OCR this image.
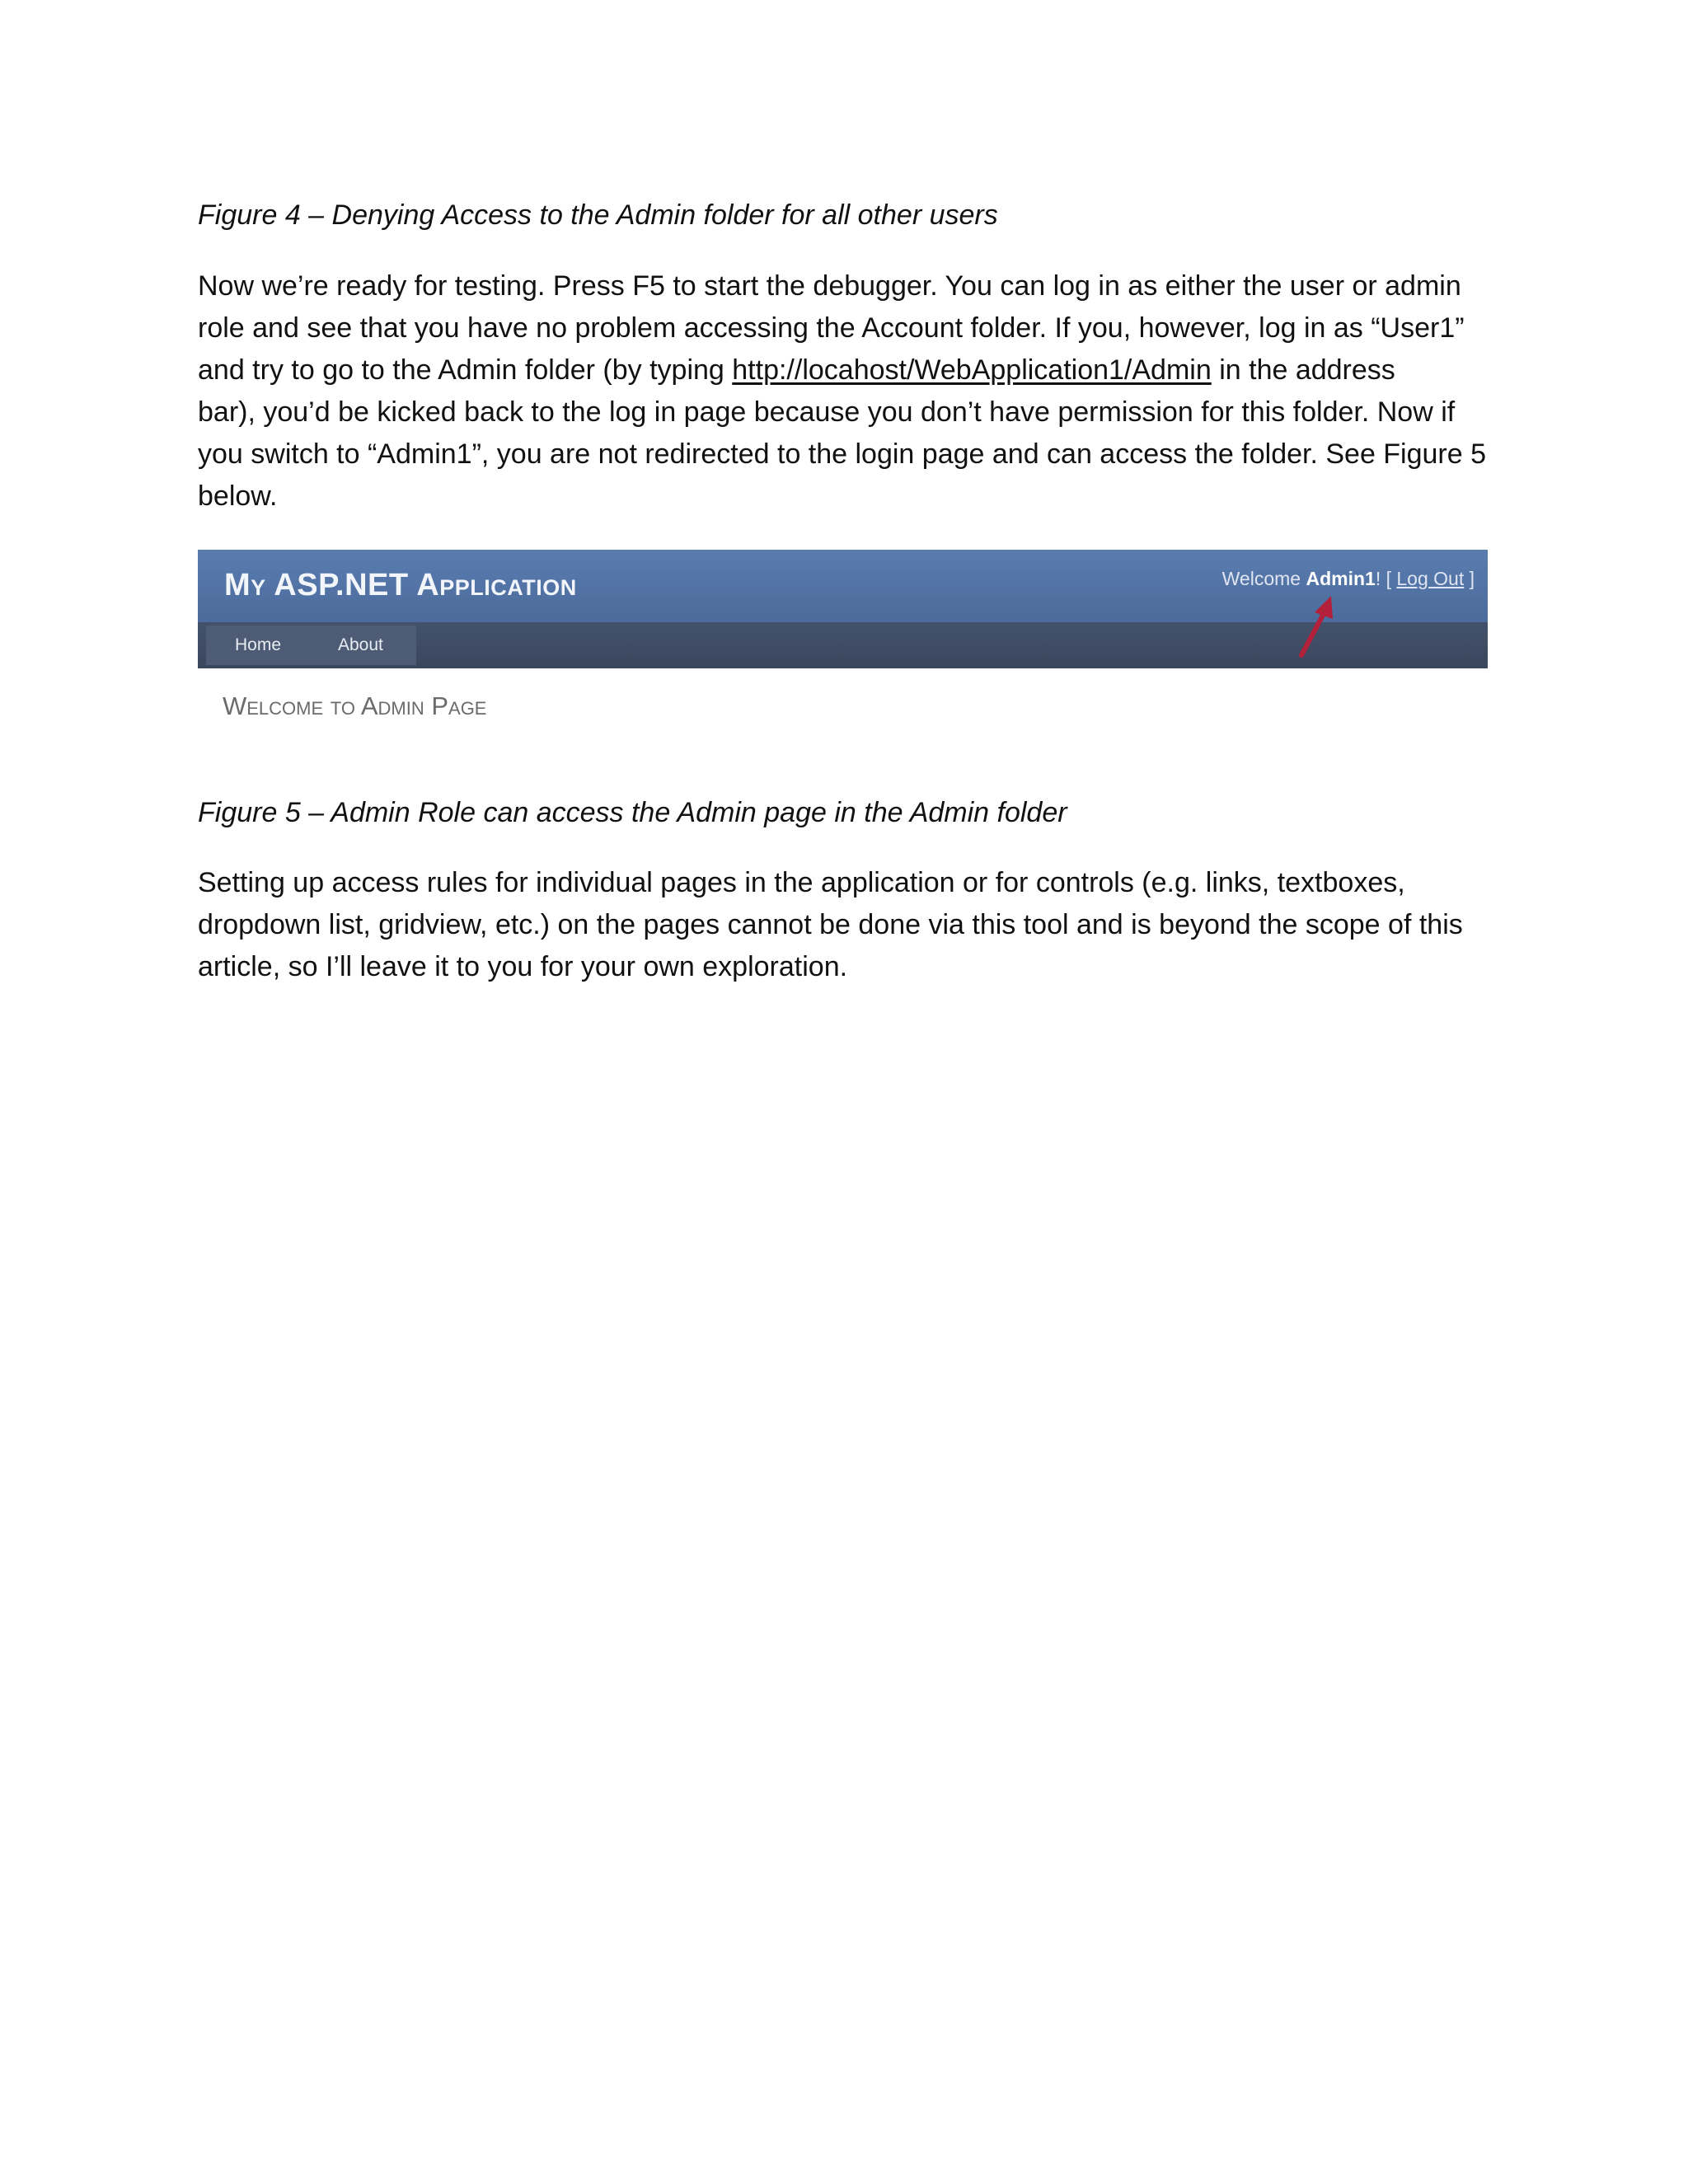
Figure 4 – Denying Access to the Admin folder for all other users
Now we’re ready for testing. Press F5 to start the debugger. You can log in as either the user or admin
role and see that you have no problem accessing the Account folder. If you, however, log in as “User1”
and try to go to the Admin folder (by typing http://locahost/WebApplication1/Admin in the address
bar), you’d be kicked back to the log in page because you don’t have permission for this folder. Now if
you switch to “Admin1”, you are not redirected to the login page and can access the folder. See Figure 5
below.
My ASP.NET Application	Welcome Admin1! [ Log Out ]
Home	About
Welcome to Admin Page
Figure 5 – Admin Role can access the Admin page in the Admin folder
Setting up access rules for individual pages in the application or for controls (e.g. links, textboxes,
dropdown list, gridview, etc.) on the pages cannot be done via this tool and is beyond the scope of this
article, so I’ll leave it to you for your own exploration.
